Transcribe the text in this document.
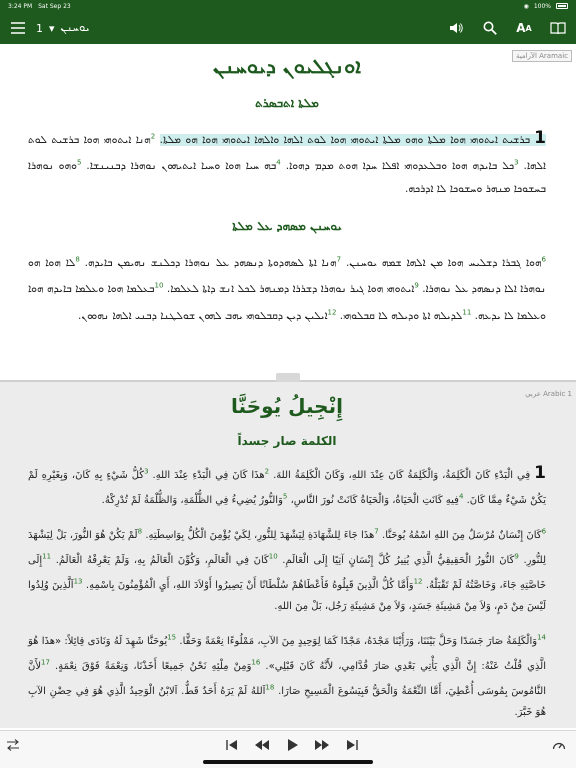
3:24 PM Sat Sep 23	◉ 100%
1 ▾ ܝܘܚܢܢ	A A
الآرامية Aramaic
ܐܘܢܓܠܝܘܢ ܕܝܘܚܢܢ
ܡܠܬܐ ܐܬܒܣܪܬ
1ܒܪܫܝܬ ܐܝܬܘܗܝ ܗܘܐ ܡܠܬܐ ܘܗܘ ܡܠܬܐ ܐܝܬܘܗܝ ܗܘܐ ܠܘܬ ܐܠܗܐ ܘܐܠܗܐ ܐܝܬܘܗܝ ܗܘܐ ܗܘ ܡܠܬܐ. $^2$ܗܢܐ ܐܝܬܘܗܝ ܗܘܐ ܒܪܫܝܬ ܠܘܬ ܐܠܗܐ. $^3$ܟܠ ܒܐܝܕܗ ܗܘܐ ܘܒܠܥܕܘܗܝ ܐܦܠܐ ܚܕܐ ܗܘܬ ܡܕܡ ܕܗܘܐ. $^4$ܒܗ ܚܝܐ ܗܘܐ ܘܚܝܐ ܐܝܬܝܗܘܢ ܢܘܗܪܐ ܕܒܢܝܢܫܐ. $^5$ܘܗܘ ܢܘܗܪܐ ܒܚܫܘܟܐ ܡܢܗܪ ܘܚܫܘܟܐ ܠܐ ܐܕܪܟܗ.
ܝܘܚܢܢ ܡܣܗܕ ܥܠ ܡܠܬܐ
$^6$ܗܘܐ ܓܒܪܐ ܕܫܠܝܚ ܗܘܐ ܡܢ ܐܠܗܐ ܫܡܗ ܝܘܚܢܢ. $^7$ܗܢܐ ܐܬܐ ܠܣܗܕܘܬܐ ܕܢܣܗܕ ܥܠ ܢܘܗܪܐ ܕܟܠܢܫ ܢܗܝܡܢ ܒܐܝܕܗ. $^8$ܠܐ ܗܘܐ ܗܘ ܢܘܗܪܐ ܐܠܐ ܕܢܣܗܕ ܥܠ ܢܘܗܪܐ. $^9$ܐܝܬܘܗܝ ܗܘܐ ܓܝܪ ܢܘܗܪܐ ܕܫܪܪܐ ܕܡܢܗܪ ܠܟܠ ܐܢܫ ܕܐܬܐ ܠܥܠܡܐ. $^{10}$ܒܥܠܡܐ ܗܘܐ ܘܥܠܡܐ ܒܐܝܕܗ ܗܘܐ ܘܥܠܡܐ ܠܐ ܝܕܥܗ. $^{11}$ܠܕܝܠܗ ܐܬܐ ܘܕܝܠܗ ܠܐ ܩܒܠܘܗܝ. $^{12}$ܐܝܠܝܢ ܕܝܢ ܕܩܒܠܘܗܝ ܝܗܒ ܠܗܘܢ ܫܘܠܛܢܐ ܕܒܢܝ ܐܠܗܐ ܢܗܘܘܢ.
عربي Arabic 1
إِنْجِيلُ يُوحَنَّا
الكلمة صار جسداً
1فِي الْبَدْءِ كَانَ الْكَلِمَةُ، وَالْكَلِمَةُ كَانَ عِنْدَ اللهِ، وَكَانَ الْكَلِمَةُ اللهَ. $^2$هذَا كَانَ فِي الْبَدْءِ عِنْدَ اللهِ. $^3$كُلُّ شَيْءٍ بِهِ كَانَ، وَبِغَيْرِهِ لَمْ يَكُنْ شَيْءٌ مِمَّا كَانَ. $^4$فِيهِ كَانَتِ الْحَيَاةُ، وَالْحَيَاةُ كَانَتْ نُورَ النَّاسِ، $^5$وَالنُّورُ يُضِيءُ فِي الظُّلْمَةِ، وَالظُّلْمَةُ لَمْ تُدْرِكْهُ.
$^6$كَانَ إِنْسَانٌ مُرْسَلٌ مِنَ اللهِ اسْمُهُ يُوحَنَّا. $^7$هذَا جَاءَ لِلشَّهَادَةِ لِيَشْهَدَ لِلنُّورِ، لِكَيْ يُؤْمِنَ الْكُلُّ بِوَاسِطَتِهِ. $^8$لَمْ يَكُنْ هُوَ النُّورَ، بَلْ لِيَشْهَدَ لِلنُّورِ. $^9$كَانَ النُّورُ الْحَقِيقِيُّ الَّذِي يُنِيرُ كُلَّ إِنْسَانٍ آتِيًا إِلَى الْعَالَمِ. $^{10}$كَانَ فِي الْعَالَمِ، وَكُوِّنَ الْعَالَمُ بِهِ، وَلَمْ يَعْرِفْهُ الْعَالَمُ. $^{11}$إِلَى خَاصَّتِهِ جَاءَ، وَخَاصَّتُهُ لَمْ تَقْبَلْهُ. $^{12}$وَأَمَّا كُلُّ الَّذِينَ قَبِلُوهُ فَأَعْطَاهُمْ سُلْطَانًا أَنْ يَصِيرُوا أَوْلاَدَ اللهِ، أَيِ الْمُؤْمِنُونَ بِاسْمِهِ. $^{13}$اَلَّذِينَ وُلِدُوا لَيْسَ مِنْ دَمٍ، وَلاَ مِنْ مَشِيئَةِ جَسَدٍ، وَلاَ مِنْ مَشِيئَةِ رَجُل، بَلْ مِنَ اللهِ.
$^{14}$وَالْكَلِمَةُ صَارَ جَسَدًا وَحَلَّ بَيْنَنَا، وَرَأَيْنَا مَجْدَهُ، مَجْدًا كَمَا لِوَحِيدٍ مِنَ الآبِ، مَمْلُوءًا نِعْمَةً وَحَقًّا. $^{15}$يُوحَنَّا شَهِدَ لَهُ وَنَادَى قِائِلاً: «هذَا هُوَ الَّذِي قُلْتُ عَنْهُ: إِنَّ الَّذِي يَأْتِي بَعْدِي صَارَ قُدَّامِي، لأَنَّهُ كَانَ قَبْلِي». $^{16}$وَمِنْ مِلْئِهِ نَحْنُ جَمِيعًا أَخَذْنَا، وَنِعْمَةً فَوْقَ نِعْمَةٍ. $^{17}$لأَنَّ النَّامُوسَ بِمُوسَى أُعْطِيَ، أَمَّا النِّعْمَةُ وَالْحَقُّ فَبِيَسُوعَ الْمَسِيحِ صَارَا. $^{18}$اَللهُ لَمْ يَرَهُ أَحَدٌ قَطُّ. اَلابْنُ الْوَحِيدُ الَّذِي هُوَ فِي حِضْنِ الآبِ هُوَ خَبَّرَ.
